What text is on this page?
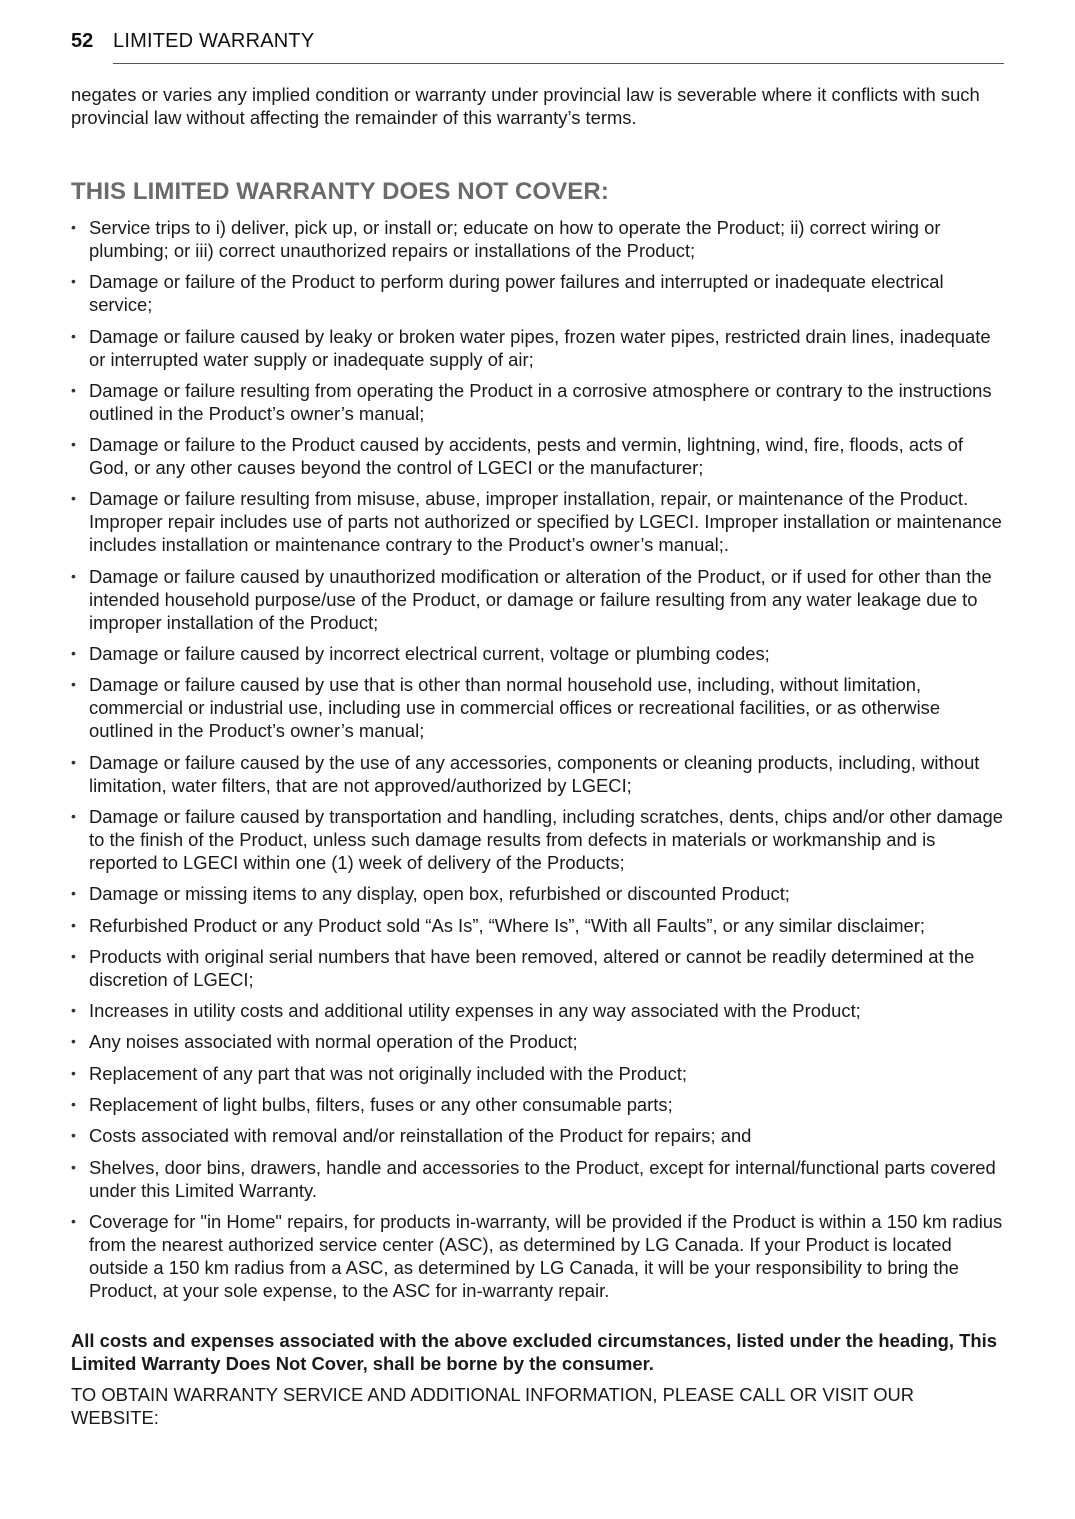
52 LIMITED WARRANTY

negates or varies any implied condition or warranty under provincial law is severable where it conflicts with such provincial law without affecting the remainder of this warranty’s terms.

THIS LIMITED WARRANTY DOES NOT COVER:
• Service trips to i) deliver, pick up, or install or; educate on how to operate the Product; ii) correct wiring or plumbing; or iii) correct unauthorized repairs or installations of the Product;
• Damage or failure of the Product to perform during power failures and interrupted or inadequate electrical service;
• Damage or failure caused by leaky or broken water pipes, frozen water pipes, restricted drain lines, inadequate or interrupted water supply or inadequate supply of air;
• Damage or failure resulting from operating the Product in a corrosive atmosphere or contrary to the instructions outlined in the Product’s owner’s manual;
• Damage or failure to the Product caused by accidents, pests and vermin, lightning, wind, fire, floods, acts of God, or any other causes beyond the control of LGECI or the manufacturer;
• Damage or failure resulting from misuse, abuse, improper installation, repair, or maintenance of the Product. Improper repair includes use of parts not authorized or specified by LGECI. Improper installation or maintenance includes installation or maintenance contrary to the Product’s owner’s manual;.
• Damage or failure caused by unauthorized modification or alteration of the Product, or if used for other than the intended household purpose/use of the Product, or damage or failure resulting from any water leakage due to improper installation of the Product;
• Damage or failure caused by incorrect electrical current, voltage or plumbing codes;
• Damage or failure caused by use that is other than normal household use, including, without limitation, commercial or industrial use, including use in commercial offices or recreational facilities, or as otherwise outlined in the Product’s owner’s manual;
• Damage or failure caused by the use of any accessories, components or cleaning products, including, without limitation, water filters, that are not approved/authorized by LGECI;
• Damage or failure caused by transportation and handling, including scratches, dents, chips and/or other damage to the finish of the Product, unless such damage results from defects in materials or workmanship and is reported to LGECI within one (1) week of delivery of the Products;
• Damage or missing items to any display, open box, refurbished or discounted Product;
• Refurbished Product or any Product sold “As Is”, “Where Is”, “With all Faults”, or any similar disclaimer;
• Products with original serial numbers that have been removed, altered or cannot be readily determined at the discretion of LGECI;
• Increases in utility costs and additional utility expenses in any way associated with the Product;
• Any noises associated with normal operation of the Product;
• Replacement of any part that was not originally included with the Product;
• Replacement of light bulbs, filters, fuses or any other consumable parts;
• Costs associated with removal and/or reinstallation of the Product for repairs; and
• Shelves, door bins, drawers, handle and accessories to the Product, except for internal/functional parts covered under this Limited Warranty.
• Coverage for "in Home" repairs, for products in-warranty, will be provided if the Product is within a 150 km radius from the nearest authorized service center (ASC), as determined by LG Canada. If your Product is located outside a 150 km radius from a ASC, as determined by LG Canada, it will be your responsibility to bring the Product, at your sole expense, to the ASC for in-warranty repair.

All costs and expenses associated with the above excluded circumstances, listed under the heading, This Limited Warranty Does Not Cover, shall be borne by the consumer.

TO OBTAIN WARRANTY SERVICE AND ADDITIONAL INFORMATION, PLEASE CALL OR VISIT OUR WEBSITE:
